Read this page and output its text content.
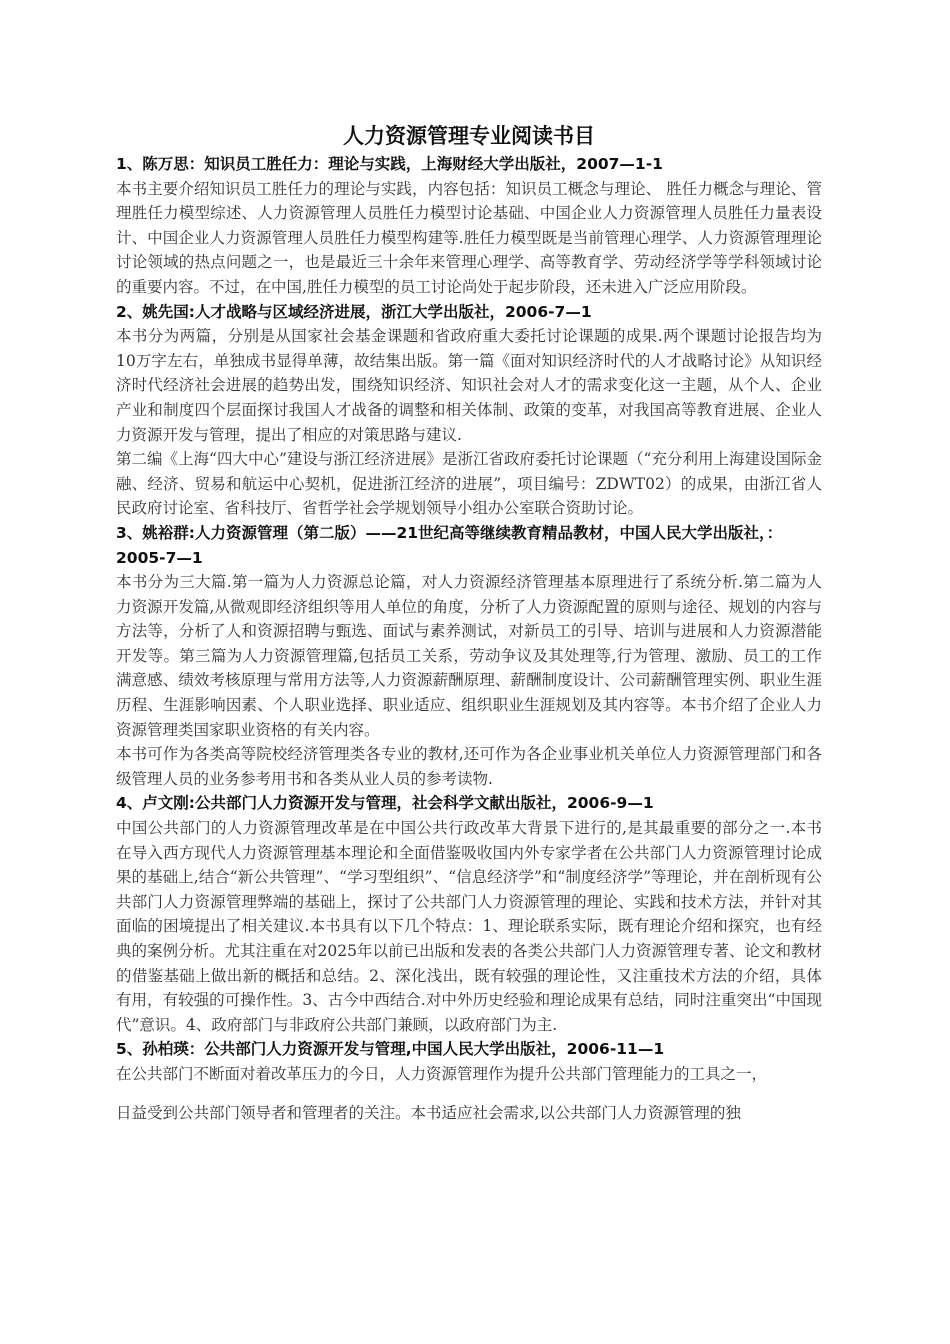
人力资源管理专业阅读书目
1、陈万思：知识员工胜任力：理论与实践，上海财经大学出版社，2007—1-1
本书主要介绍知识员工胜任力的理论与实践，内容包括：知识员工概念与理论、 胜任力概念与理论、管理胜任力模型综述、人力资源管理人员胜任力模型讨论基础、中国企业人力资源管理人员胜任力量表设计、中国企业人力资源管理人员胜任力模型构建等.胜任力模型既是当前管理心理学、人力资源管理理论讨论领域的热点问题之一，也是最近三十余年来管理心理学、高等教育学、劳动经济学等学科领域讨论的重要内容。不过，在中国,胜任力模型的员工讨论尚处于起步阶段，还未进入广泛应用阶段。
2、姚先国:人才战略与区域经济进展，浙江大学出版社，2006-7—1
本书分为两篇，分别是从国家社会基金课题和省政府重大委托讨论课题的成果.两个课题讨论报告均为10万字左右，单独成书显得单薄，故结集出版。第一篇《面对知识经济时代的人才战略讨论》从知识经济时代经济社会进展的趋势出发，围绕知识经济、知识社会对人才的需求变化这一主题，从个人、企业产业和制度四个层面探讨我国人才战备的调整和相关体制、政策的变革，对我国高等教育进展、企业人力资源开发与管理，提出了相应的对策思路与建议.
第二编《上海“四大中心”建设与浙江经济进展》是浙江省政府委托讨论课题（“充分利用上海建设国际金融、经济、贸易和航运中心契机，促进浙江经济的进展”，项目编号：ZDWT02）的成果，由浙江省人民政府讨论室、省科技厅、省哲学社会学规划领导小组办公室联合资助讨论。
3、姚裕群:人力资源管理（第二版）——21世纪高等继续教育精品教材，中国人民大学出版社，：2005-7—1
本书分为三大篇.第一篇为人力资源总论篇，对人力资源经济管理基本原理进行了系统分析.第二篇为人力资源开发篇,从微观即经济组织等用人单位的角度，分析了人力资源配置的原则与途径、规划的内容与方法等，分析了人和资源招聘与甄选、面试与素养测试，对新员工的引导、培训与进展和人力资源潜能开发等。第三篇为人力资源管理篇,包括员工关系，劳动争议及其处理等,行为管理、激励、员工的工作满意感、绩效考核原理与常用方法等,人力资源薪酬原理、薪酬制度设计、公司薪酬管理实例、职业生涯历程、生涯影响因素、个人职业选择、职业适应、组织职业生涯规划及其内容等。本书介绍了企业人力资源管理类国家职业资格的有关内容。
本书可作为各类高等院校经济管理类各专业的教材,还可作为各企业事业机关单位人力资源管理部门和各级管理人员的业务参考用书和各类从业人员的参考读物.
4、卢文刚:公共部门人力资源开发与管理，社会科学文献出版社，2006-9—1
中国公共部门的人力资源管理改革是在中国公共行政改革大背景下进行的,是其最重要的部分之一.本书在导入西方现代人力资源管理基本理论和全面借鉴吸收国内外专家学者在公共部门人力资源管理讨论成果的基础上,结合“新公共管理”、“学习型组织”、“信息经济学”和“制度经济学”等理论，并在剖析现有公共部门人力资源管理弊端的基础上，探讨了公共部门人力资源管理的理论、实践和技术方法，并针对其面临的困境提出了相关建议.本书具有以下几个特点：1、理论联系实际，既有理论介绍和探究，也有经典的案例分析。尤其注重在对2025年以前已出版和发表的各类公共部门人力资源管理专著、论文和教材的借鉴基础上做出新的概括和总结。2、深化浅出，既有较强的理论性，又注重技术方法的介绍，具体有用，有较强的可操作性。3、古今中西结合.对中外历史经验和理论成果有总结，同时注重突出“中国现代”意识。4、政府部门与非政府公共部门兼顾，以政府部门为主.
5、孙柏瑛：公共部门人力资源开发与管理,中国人民大学出版社，2006-11—1
在公共部门不断面对着改革压力的今日，人力资源管理作为提升公共部门管理能力的工具之一，
日益受到公共部门领导者和管理者的关注。本书适应社会需求,以公共部门人力资源管理的独
